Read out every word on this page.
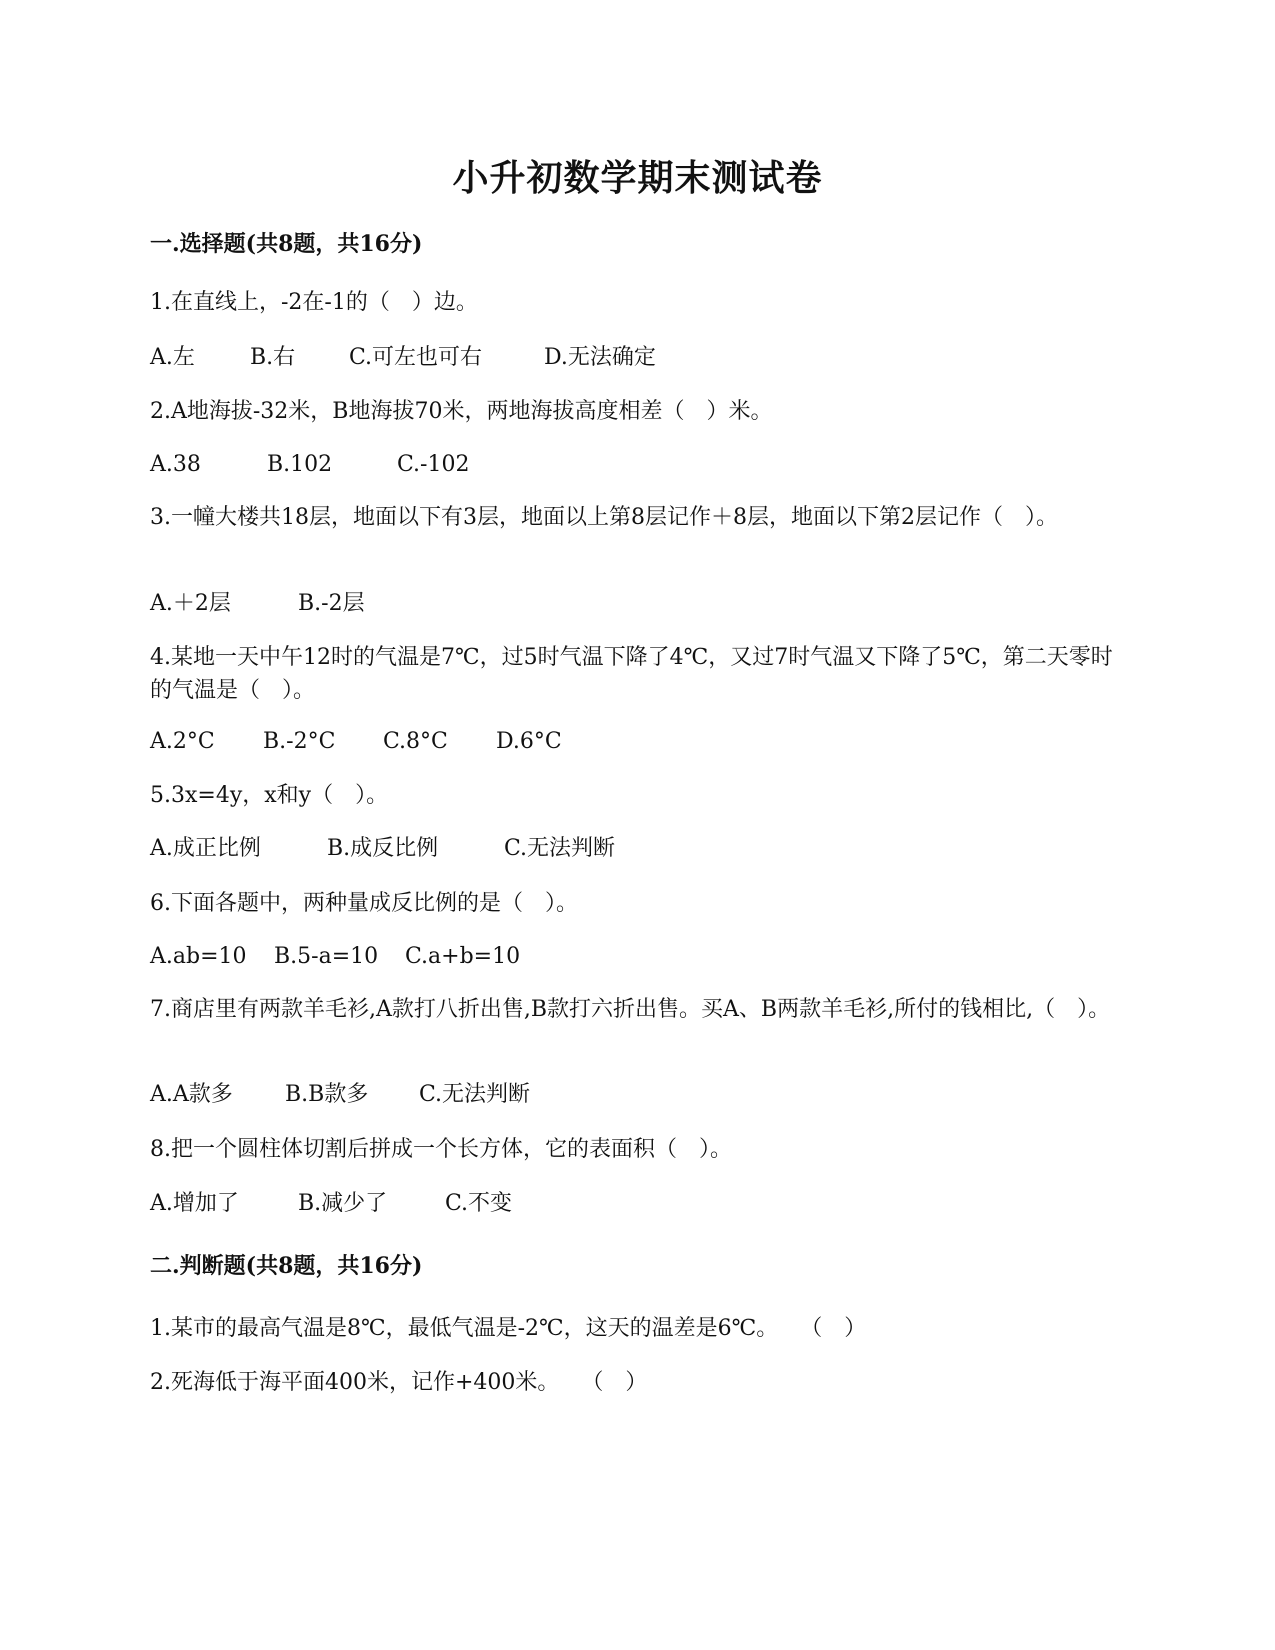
小升初数学期末测试卷
一.选择题(共8题，共16分)
1.在直线上，-2在-1的（　）边。
A.左	B.右 C.可左也可右	D.无法确定
2.A地海拔-32米，B地海拔70米，两地海拔高度相差（　）米。
A.38	B.102	C.-102
3.一幢大楼共18层，地面以下有3层，地面以上第8层记作＋8层，地面以下第2层记作（　）。
A.＋2层	B.-2层
4.某地一天中午12时的气温是7℃，过5时气温下降了4℃，又过7时气温又下降了5℃，第二天零时的气温是（　）。
A.2°C B.-2°C C.8°C D.6°C
5.3x=4y，x和y（　）。
A.成正比例	B.成反比例	C.无法判断
6.下面各题中，两种量成反比例的是（　）。
A.ab=10 B.5-a=10 C.a+b=10
7.商店里有两款羊毛衫,A款打八折出售,B款打六折出售。买A、B两款羊毛衫,所付的钱相比,（　）。
A.A款多 B.B款多 C.无法判断
8.把一个圆柱体切割后拼成一个长方体，它的表面积（　）。
A.增加了	B.减少了	C.不变
二.判断题(共8题，共16分)
1.某市的最高气温是8℃，最低气温是-2℃，这天的温差是6℃。　　（　）
2.死海低于海平面400米，记作+400米。　　（　）
